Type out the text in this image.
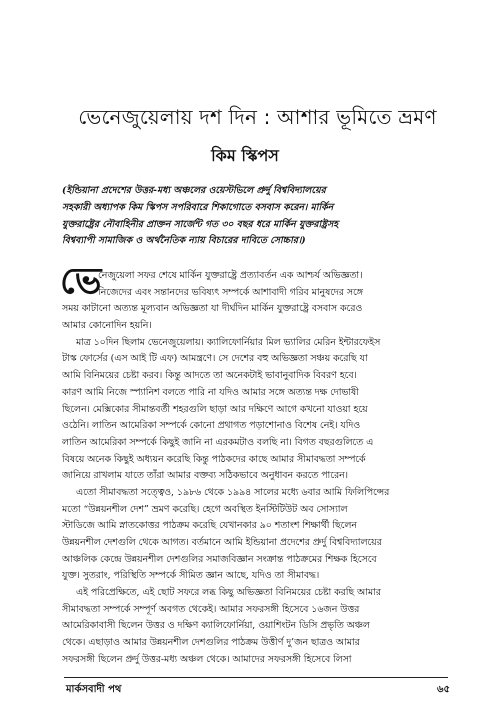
ভেনেজুয়েলায় দশ দিন : আশার ভূমিতে ভ্রমণ
কিম স্কিপস
(ইন্ডিয়ানা প্রদেশের উত্তর-মধ্য অঞ্চলের ওয়েস্টভিলে প্রুর্দু বিশ্ববিদ্যালয়ের
সহকারী অধ্যাপক কিম স্কিপস সপরিবারে শিকাগোতে বসবাস করেন। মার্কিন
যুক্তরাষ্ট্রের নৌবাহিনীর প্রাক্তন সার্জেন্ট গত ৩০ বছর ধরে মার্কিন যুক্তরাষ্ট্রসহ
বিশ্বব্যাপী সামাজিক ও অর্থনৈতিক ন্যায় বিচারের দাবিতে সোচ্চার।)
ভে
নেজুয়েলা সফর শেষে মার্কিন যুক্তরাষ্ট্রে প্রত্যাবর্তন এক আশ্চর্য অভিজ্ঞতা।
নিজেদের এবং সন্তানদের ভবিষ্যৎ সম্পর্কে আশাবাদী গরিব মানুষদের সঙ্গে
সময় কাটানো অত্যন্ত মূল্যবান অভিজ্ঞতা যা দীর্ঘদিন মার্কিন যুক্তরাষ্ট্রে বসবাস করেও
আমার কোনোদিন হয়নি।
মাত্র ১০দিন ছিলাম ভেনেজুয়েলায়। ক্যালিফোর্নিয়ার মিল ভ্যালির মেরিন ইন্টারফেইস
টাস্ক ফোর্সের (এস আই টি এফ) আমন্ত্রণে। সে দেশের বহু অভিজ্ঞতা সঞ্চয় করেছি যা
আমি বিনিময়ের চেষ্টা করব। কিন্তু আদতে তা অনেকটাই ভাবানুবাদিক বিবরণ হবে।
কারণ আমি নিজে স্প্যানিশ বলতে পারি না যদিও আমার সঙ্গে অত্যন্ত দক্ষ দোভাষী
ছিলেন। মেক্সিকোর সীমান্তবর্তী শহরগুলি ছাড়া আর দক্ষিণে আগে কখনো যাওয়া হয়ে
ওঠেনি। লাতিন আমেরিকা সম্পর্কে কোনো প্রথাগত পড়াশোনাও বিশেষ নেই। যদিও
লাতিন আমেরিকা সম্পর্কে কিছুই জানি না এরকমটাও বলছি না। বিগত বছরগুলিতে এ
বিষয়ে অনেক কিছুই অধ্যয়ন করেছি কিন্তু পাঠকদের কাছে আমার সীমাবদ্ধতা সম্পর্কে
জানিয়ে রাখলাম যাতে তাঁরা আমার বক্তব্য সঠিকভাবে অনুধাবন করতে পারেন।
এতো সীমাবদ্ধতা সত্ত্বেও, ১৯৮৬ থেকে ১৯৯৪ সালের মধ্যে ৬বার আমি ফিলিপিন্সের
মতো “উন্নয়নশীল দেশ” ভ্রমণ করেছি। হেগে অবস্থিত ইনস্টিটিউট অব সোস্যাল
স্টাডিজে আমি স্নাতকোত্তর পাঠক্রম করেছি যেখানকার ৯০ শতাংশ শিক্ষার্থী ছিলেন
উন্নয়নশীল দেশগুলি থেকে আগত। বর্তমানে আমি ইন্ডিয়ানা প্রদেশের প্রুর্দু বিশ্ববিদ্যালয়ের
আঞ্চলিক কেন্দ্রে উন্নয়নশীল দেশগুলির সমাজবিজ্ঞান সংক্রান্ত পাঠক্রমের শিক্ষক হিসেবে
যুক্ত। সুতরাং, পরিস্থিতি সম্পর্কে সীমিত জ্ঞান আছে, যদিও তা সীমাবদ্ধ।
এই পরিপ্রেক্ষিতে, এই ছোট সফরে লব্ধ কিছু অভিজ্ঞতা বিনিময়ের চেষ্টা করছি আমার
সীমাবদ্ধতা সম্পর্কে সম্পূর্ণ অবগত থেকেই। আমার সফরসঙ্গী হিসেবে ১৬জন উত্তর
আমেরিকাবাসী ছিলেন উত্তর ও দক্ষিণ ক্যালিফোর্নিয়া, ওয়াশিংটন ডিসি প্রভৃতি অঞ্চল
থেকে। এছাড়াও আমার উন্নয়নশীল দেশগুলির পাঠক্রম উত্তীর্ণ দু’জন ছাত্রও আমার
সফরসঙ্গী ছিলেন প্রুর্দু উত্তর-মধ্য অঞ্চল থেকে। আমাদের সফরসঙ্গী হিসেবে লিসা
মার্কসবাদী পথ	৬৫
